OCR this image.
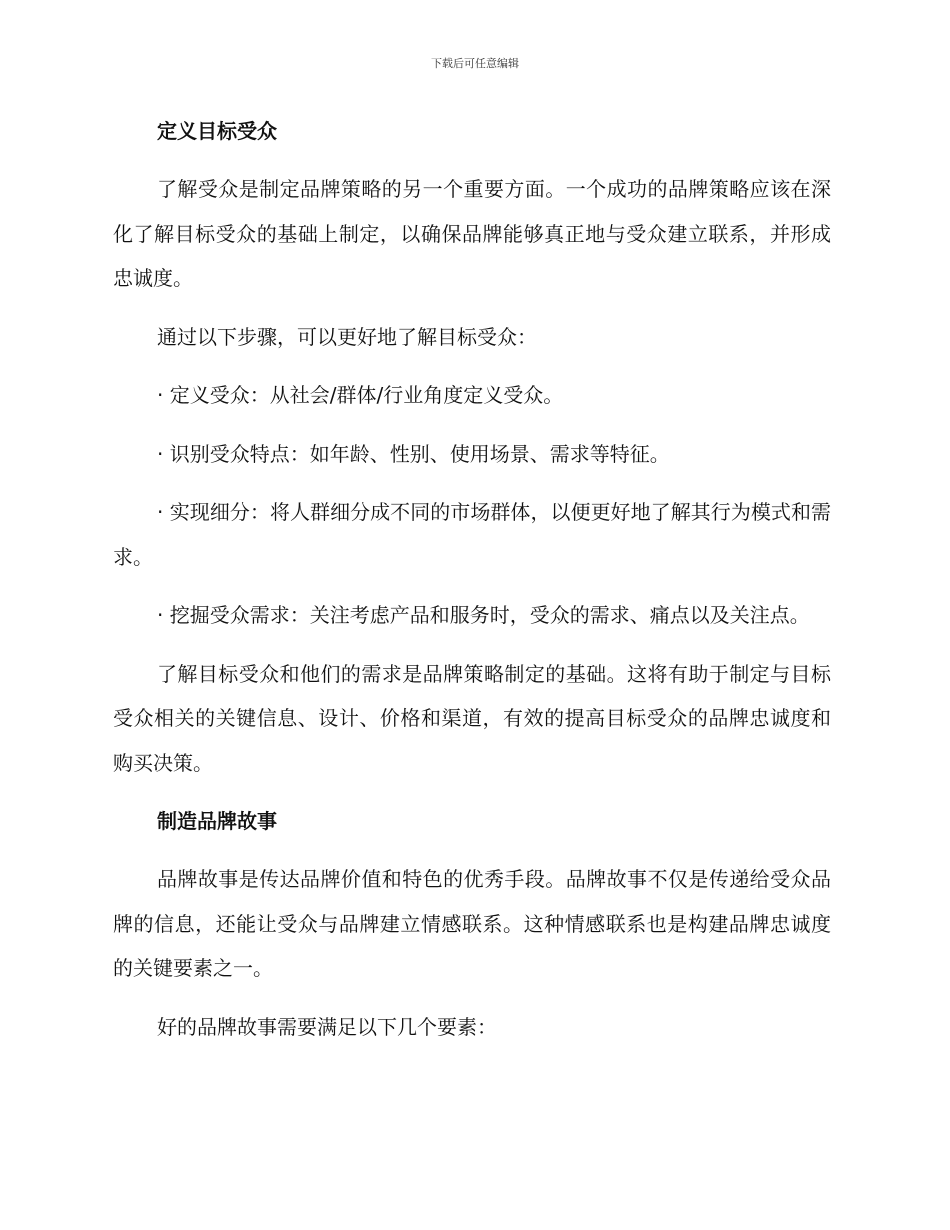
下载后可任意编辑
定义目标受众

了解受众是制定品牌策略的另一个重要方面。一个成功的品牌策略应该在深化了解目标受众的基础上制定，以确保品牌能够真正地与受众建立联系，并形成忠诚度。

通过以下步骤，可以更好地了解目标受众：

· 定义受众：从社会/群体/行业角度定义受众。

· 识别受众特点：如年龄、性别、使用场景、需求等特征。

· 实现细分：将人群细分成不同的市场群体，以便更好地了解其行为模式和需求。

· 挖掘受众需求：关注考虑产品和服务时，受众的需求、痛点以及关注点。

了解目标受众和他们的需求是品牌策略制定的基础。这将有助于制定与目标受众相关的关键信息、设计、价格和渠道，有效的提高目标受众的品牌忠诚度和购买决策。

制造品牌故事

品牌故事是传达品牌价值和特色的优秀手段。品牌故事不仅是传递给受众品牌的信息，还能让受众与品牌建立情感联系。这种情感联系也是构建品牌忠诚度的关键要素之一。

好的品牌故事需要满足以下几个要素：
